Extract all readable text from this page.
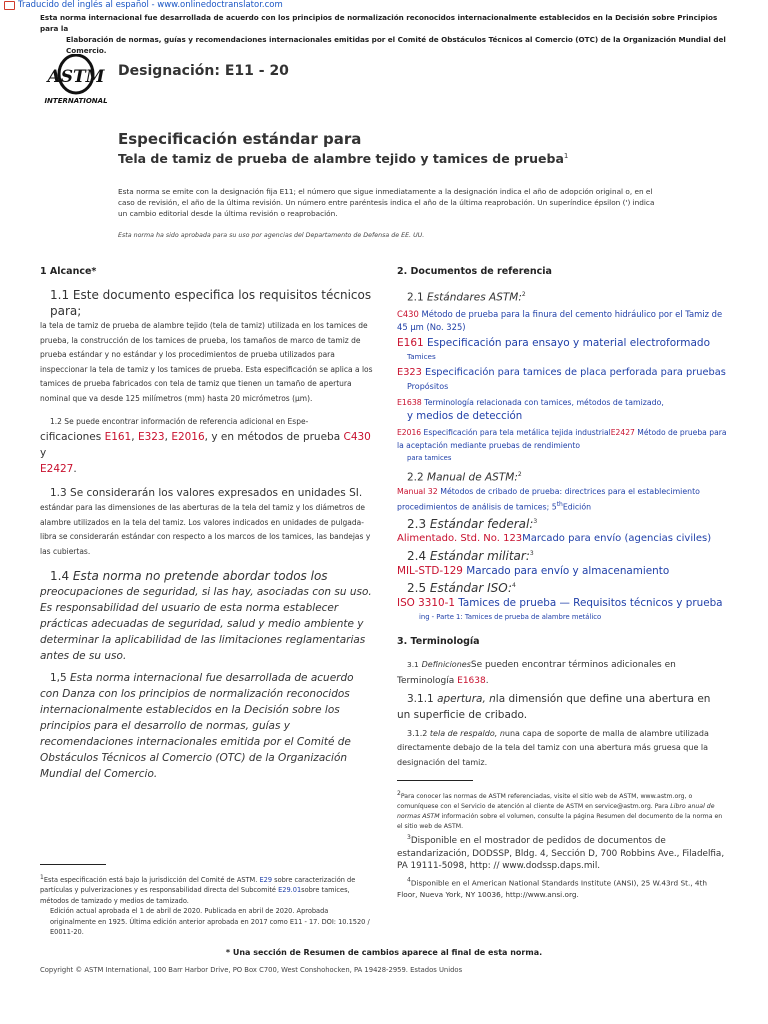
Traducido del inglés al español - www.onlinedoctranslator.com
Esta norma internacional fue desarrollada de acuerdo con los principios de normalización reconocidos internacionalmente establecidos en la Decisión sobre Principios para la
Elaboración de normas, guías y recomendaciones internacionales emitidas por el Comité de Obstáculos Técnicos al Comercio (OTC) de la Organización Mundial del Comercio.
ASTM
INTERNATIONAL
Designación: E11 - 20
Especificación estándar para
Tela de tamiz de prueba de alambre tejido y tamices de prueba$^1$
Esta norma se emite con la designación fija E11; el número que sigue inmediatamente a la designación indica el año de adopción original o, en el caso de revisión, el año de la última revisión. Un número entre paréntesis indica el año de la última reaprobación. Un superíndice épsilon (') indica un cambio editorial desde la última revisión o reaprobación.
Esta norma ha sido aprobada para su uso por agencias del Departamento de Defensa de EE. UU.
1 Alcance*
1.1 Este documento especifica los requisitos técnicos para;
la tela de tamiz de prueba de alambre tejido (tela de tamiz) utilizada en los tamices de prueba, la construcción de los tamices de prueba, los tamaños de marco de tamiz de prueba estándar y no estándar y los procedimientos de prueba utilizados para inspeccionar la tela de tamiz y los tamices de prueba. Esta especificación se aplica a los tamices de prueba fabricados con tela de tamiz que tienen un tamaño de apertura nominal que va desde 125 milímetros (mm) hasta 20 micrómetros (µm).
1.2 Se puede encontrar información de referencia adicional en Espe-
cificaciones E161, E323, E2016, y en métodos de prueba C430 y
E2427.
1.3 Se considerarán los valores expresados en unidades SI.
estándar para las dimensiones de las aberturas de la tela del tamiz y los diámetros de alambre utilizados en la tela del tamiz. Los valores indicados en unidades de pulgada-libra se considerarán estándar con respecto a los marcos de los tamices, las bandejas y las cubiertas.
1.4 Esta norma no pretende abordar todos los
preocupaciones de seguridad, si las hay, asociadas con su uso. Es responsabilidad del usuario de esta norma establecer prácticas adecuadas de seguridad, salud y medio ambiente y determinar la aplicabilidad de las limitaciones reglamentarias antes de su uso.
1,5 Esta norma internacional fue desarrollada de acuerdo con Danza con los principios de normalización reconocidos internacionalmente establecidos en la Decisión sobre los principios para el desarrollo de normas, guías y recomendaciones internacionales emitida por el Comité de Obstáculos Técnicos al Comercio (OTC) de la Organización Mundial del Comercio.
$^1$Esta especificación está bajo la jurisdicción del Comité de ASTM. E29 sobre caracterización de partículas y pulverizaciones y es responsabilidad directa del Subcomité E29.01sobre tamices, métodos de tamizado y medios de tamizado.
Edición actual aprobada el 1 de abril de 2020. Publicada en abril de 2020. Aprobada originalmente en 1925. Última edición anterior aprobada en 2017 como E11 - 17. DOI: 10.1520 / E0011-20.
2. Documentos de referencia
2.1 Estándares ASTM:$^2$
C430 Método de prueba para la finura del cemento hidráulico por el Tamiz de 45 µm (No. 325)
E161 Especificación para ensayo y material electroformado
Tamices
E323 Especificación para tamices de placa perforada para pruebas
Propósitos
E1638 Terminología relacionada con tamices, métodos de tamizado,
y medios de detección
E2016 Especificación para tela metálica tejida industrialE2427 Método de prueba para la aceptación mediante pruebas de rendimiento
para tamices
2.2 Manual de ASTM:$^2$
Manual 32 Métodos de cribado de prueba: directrices para el establecimiento procedimientos de análisis de tamices; 5thEdición
2.3 Estándar federal:$^3$
Alimentado. Std. No. 123Marcado para envío (agencias civiles)
2.4 Estándar militar:$^3$
MIL-STD-129 Marcado para envío y almacenamiento
2.5 Estándar ISO:$^4$
ISO 3310-1 Tamices de prueba — Requisitos técnicos y prueba
ing - Parte 1: Tamices de prueba de alambre metálico
3. Terminología
3.1 DefinicionesSe pueden encontrar términos adicionales en Terminología E1638.
3.1.1 apertura, nla dimensión que define una abertura en un superficie de cribado.
3.1.2 tela de respaldo, nuna capa de soporte de malla de alambre utilizada directamente debajo de la tela del tamiz con una abertura más gruesa que la designación del tamiz.
$^2$Para conocer las normas de ASTM referenciadas, visite el sitio web de ASTM, www.astm.org, o comuníquese con el Servicio de atención al cliente de ASTM en service@astm.org. Para Libro anual de normas ASTM información sobre el volumen, consulte la página Resumen del documento de la norma en el sitio web de ASTM.
$^3$Disponible en el mostrador de pedidos de documentos de estandarización, DODSSP, Bldg. 4, Sección D, 700 Robbins Ave., Filadelfia, PA 19111-5098, http: // www.dodssp.daps.mil.
$^4$Disponible en el American National Standards Institute (ANSI), 25 W.43rd St., 4th Floor, Nueva York, NY 10036, http://www.ansi.org.
* Una sección de Resumen de cambios aparece al final de esta norma.
Copyright © ASTM International, 100 Barr Harbor Drive, PO Box C700, West Conshohocken, PA 19428-2959. Estados Unidos
